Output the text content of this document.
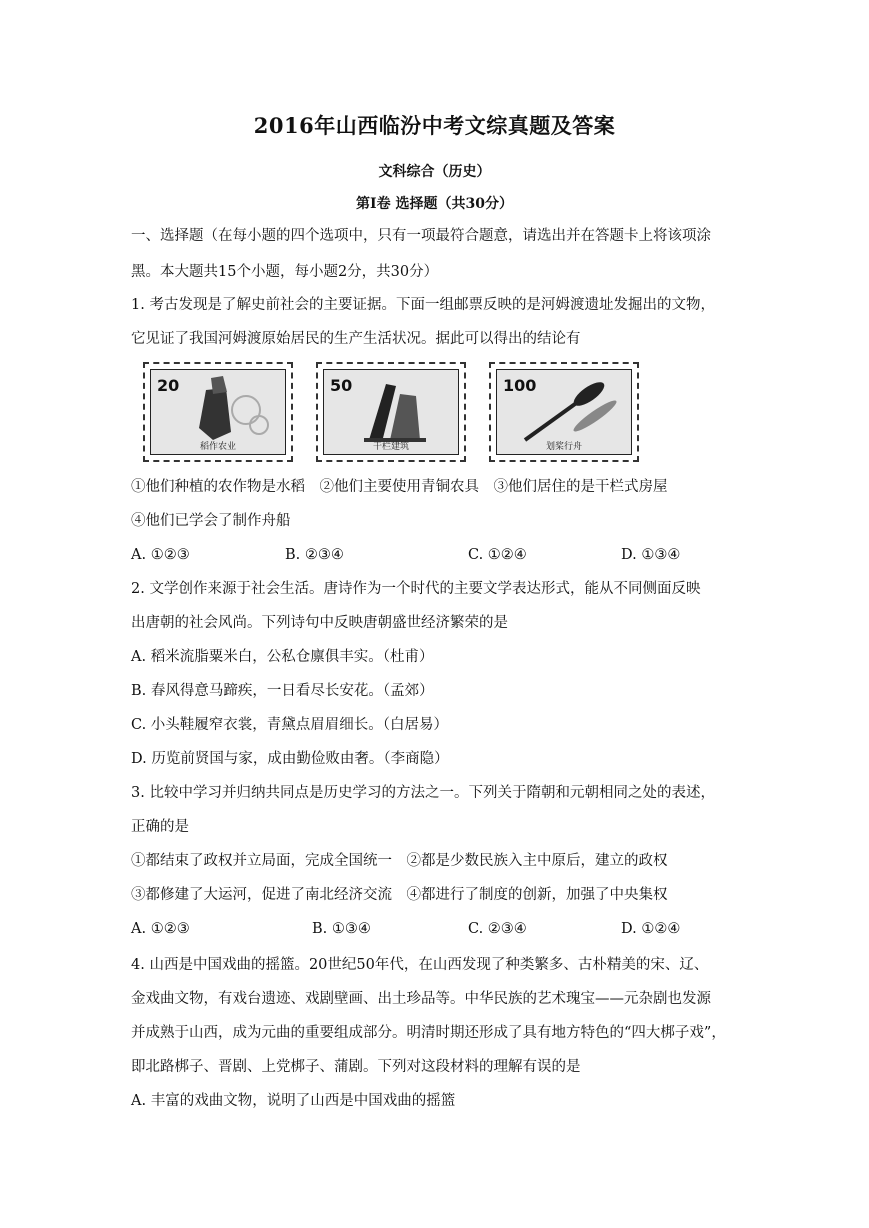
2016年山西临汾中考文综真题及答案
文科综合（历史）
第Ⅰ卷 选择题（共30分）
一、选择题（在每小题的四个选项中，只有一项最符合题意，请选出并在答题卡上将该项涂
黑。本大题共15个小题，每小题2分，共30分）
1. 考古发现是了解史前社会的主要证据。下面一组邮票反映的是河姆渡遗址发掘出的文物，
它见证了我国河姆渡原始居民的生产生活状况。据此可以得出的结论有
20
稻作农业
50
干栏建筑
100
划桨行舟
①他们种植的农作物是水稻　②他们主要使用青铜农具　③他们居住的是干栏式房屋
④他们已学会了制作舟船
A. ①②③	B. ②③④	C. ①②④	D. ①③④
2. 文学创作来源于社会生活。唐诗作为一个时代的主要文学表达形式，能从不同侧面反映
出唐朝的社会风尚。下列诗句中反映唐朝盛世经济繁荣的是
A. 稻米流脂粟米白，公私仓廪俱丰实。（杜甫）
B. 春风得意马蹄疾，一日看尽长安花。（孟郊）
C. 小头鞋履窄衣裳，青黛点眉眉细长。（白居易）
D. 历览前贤国与家，成由勤俭败由奢。（李商隐）
3. 比较中学习并归纳共同点是历史学习的方法之一。下列关于隋朝和元朝相同之处的表述，
正确的是
①都结束了政权并立局面，完成全国统一　②都是少数民族入主中原后，建立的政权
③都修建了大运河，促进了南北经济交流　④都进行了制度的创新，加强了中央集权
A. ①②③	B. ①③④	C. ②③④	D. ①②④
4. 山西是中国戏曲的摇篮。20世纪50年代，在山西发现了种类繁多、古朴精美的宋、辽、
金戏曲文物，有戏台遗迹、戏剧壁画、出土珍品等。中华民族的艺术瑰宝——元杂剧也发源
并成熟于山西，成为元曲的重要组成部分。明清时期还形成了具有地方特色的“四大梆子戏”，
即北路梆子、晋剧、上党梆子、蒲剧。下列对这段材料的理解有误的是
A. 丰富的戏曲文物，说明了山西是中国戏曲的摇篮
